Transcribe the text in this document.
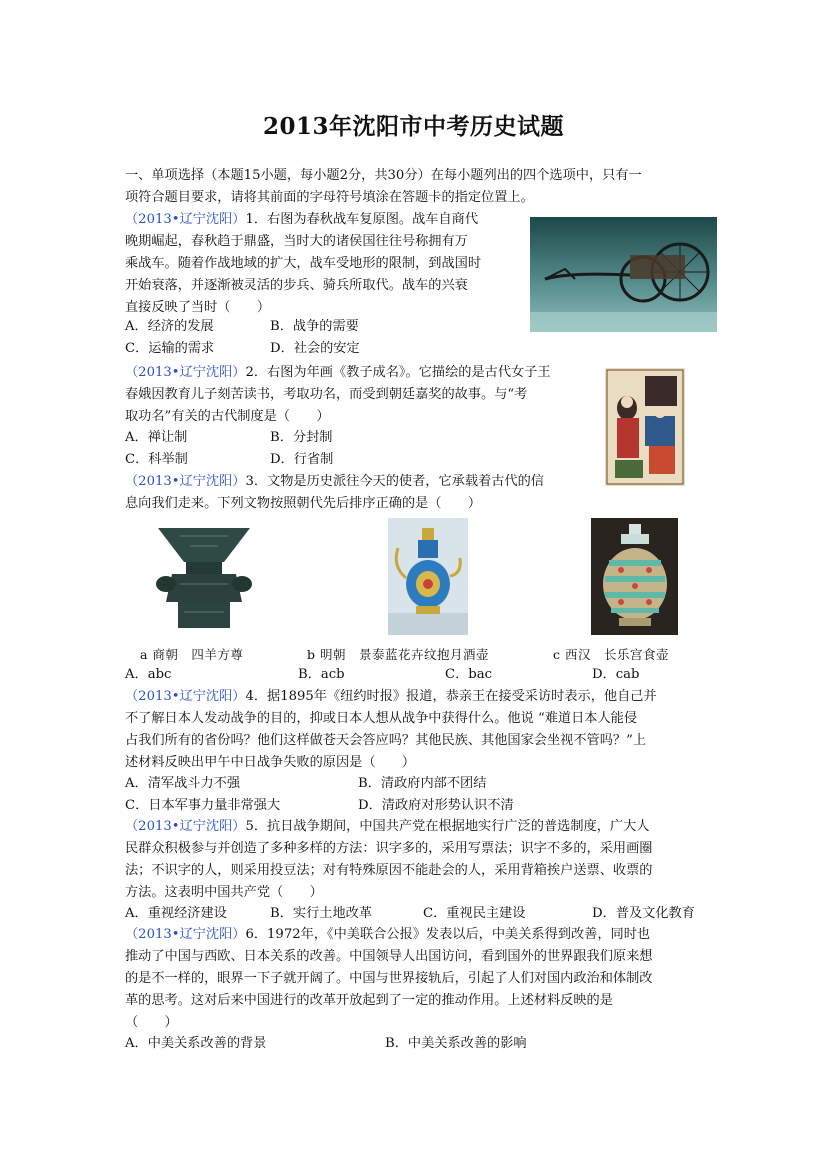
2013年沈阳市中考历史试题
一、单项选择（本题15小题，每小题2分，共30分）在每小题列出的四个选项中，只有一
项符合题目要求，请将其前面的字母符号填涂在答题卡的指定位置上。
（2013•辽宁沈阳）1．右图为春秋战车复原图。战车自商代
晚期崛起，春秋趋于鼎盛，当时大的诸侯国往往号称拥有万
乘战车。随着作战地域的扩大，战车受地形的限制，到战国时
开始衰落，并逐渐被灵活的步兵、骑兵所取代。战车的兴衰
直接反映了当时（　　）
A．经济的发展	B．战争的需要
C．运输的需求	D．社会的安定
（2013•辽宁沈阳）2．右图为年画《教子成名》。它描绘的是古代女子王
春娥因教育儿子刻苦读书，考取功名，而受到朝廷嘉奖的故事。与“考
取功名”有关的古代制度是（　　）
A．禅让制	B．分封制
C．科举制	D．行省制
（2013•辽宁沈阳）3．文物是历史派往今天的使者，它承载着古代的信
息向我们走来。下列文物按照朝代先后排序正确的是（　　）
a 商朝　四羊方尊	b 明朝　景泰蓝花卉纹抱月酒壶	c 西汉　长乐宫食壶
A．abc	B．acb	C．bac	D．cab
（2013•辽宁沈阳）4．据1895年《纽约时报》报道，恭亲王在接受采访时表示，他自己并
不了解日本人发动战争的目的，抑或日本人想从战争中获得什么。他说 “难道日本人能侵
占我们所有的省份吗？他们这样做苍天会答应吗？其他民族、其他国家会坐视不管吗？”上
述材料反映出甲午中日战争失败的原因是（　　）
A．清军战斗力不强	B．清政府内部不团结
C．日本军事力量非常强大	D．清政府对形势认识不清
（2013•辽宁沈阳）5．抗日战争期间，中国共产党在根据地实行广泛的普选制度，广大人
民群众积极参与并创造了多种多样的方法：识字多的，采用写票法；识字不多的，采用画圈
法；不识字的人，则采用投豆法；对有特殊原因不能赴会的人，采用背箱挨户送票、收票的
方法。这表明中国共产党（　　）
A．重视经济建设	B．实行土地改革	C．重视民主建设	D．普及文化教育
（2013•辽宁沈阳）6．1972年，《中美联合公报》发表以后，中美关系得到改善，同时也
推动了中国与西欧、日本关系的改善。中国领导人出国访问，看到国外的世界跟我们原来想
的是不一样的，眼界一下子就开阔了。中国与世界接轨后，引起了人们对国内政治和体制改
革的思考。这对后来中国进行的改革开放起到了一定的推动作用。上述材料反映的是
（　　）
A．中美关系改善的背景	B．中美关系改善的影响
